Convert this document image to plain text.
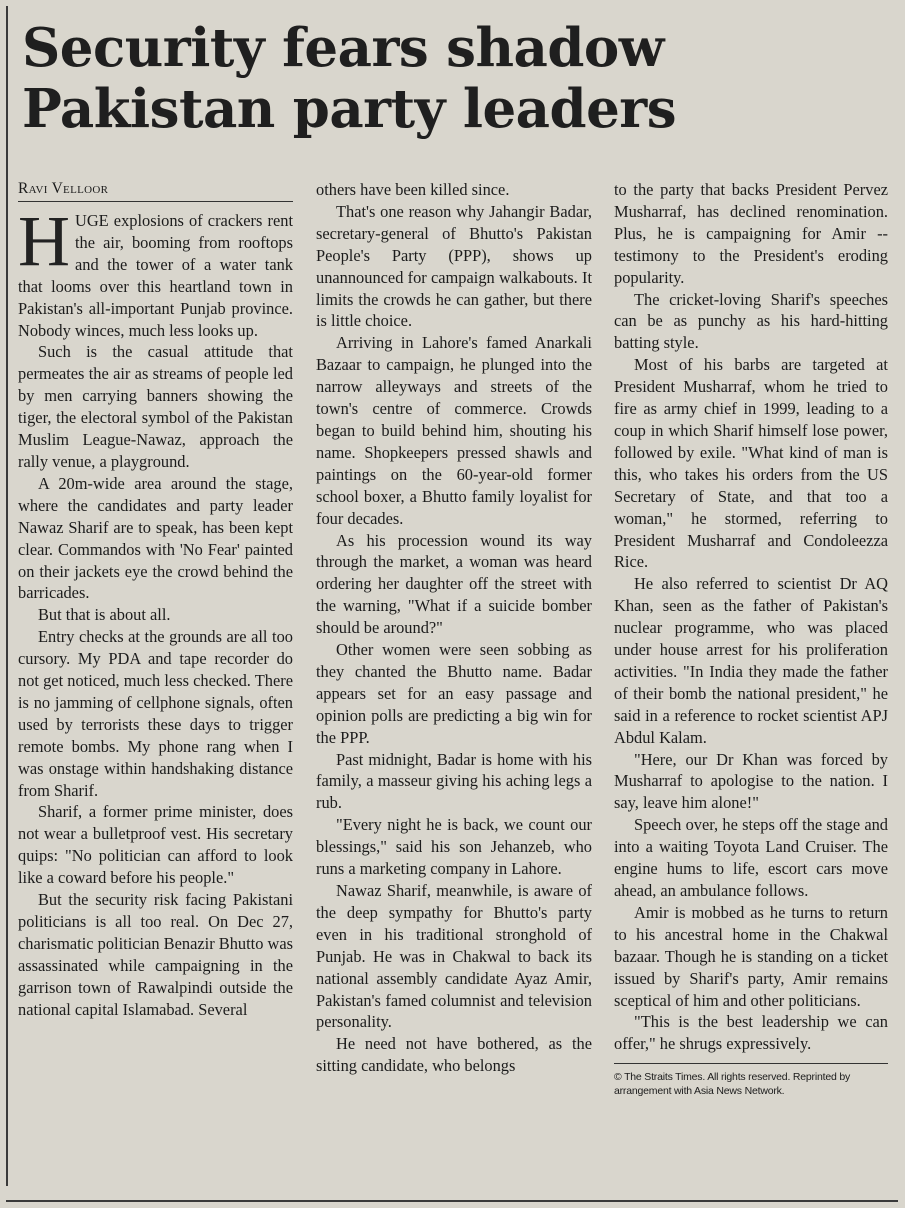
Security fears shadow Pakistan party leaders
Ravi Velloor

HUGE explosions of crackers rent the air, booming from rooftops and the tower of a water tank that looms over this heartland town in Pakistan's all-important Punjab province. Nobody winces, much less looks up.

Such is the casual attitude that permeates the air as streams of people led by men carrying banners showing the tiger, the electoral symbol of the Pakistan Muslim League-Nawaz, approach the rally venue, a playground.

A 20m-wide area around the stage, where the candidates and party leader Nawaz Sharif are to speak, has been kept clear. Commandos with 'No Fear' painted on their jackets eye the crowd behind the barricades.

But that is about all.

Entry checks at the grounds are all too cursory. My PDA and tape recorder do not get noticed, much less checked. There is no jamming of cellphone signals, often used by terrorists these days to trigger remote bombs. My phone rang when I was onstage within handshaking distance from Sharif.

Sharif, a former prime minister, does not wear a bulletproof vest. His secretary quips: "No politician can afford to look like a coward before his people."

But the security risk facing Pakistani politicians is all too real. On Dec 27, charismatic politician Benazir Bhutto was assassinated while campaigning in the garrison town of Rawalpindi outside the national capital Islamabad. Several

others have been killed since.

That's one reason why Jahangir Badar, secretary-general of Bhutto's Pakistan People's Party (PPP), shows up unannounced for campaign walkabouts. It limits the crowds he can gather, but there is little choice.

Arriving in Lahore's famed Anarkali Bazaar to campaign, he plunged into the narrow alleyways and streets of the town's centre of commerce. Crowds began to build behind him, shouting his name. Shopkeepers pressed shawls and paintings on the 60-year-old former school boxer, a Bhutto family loyalist for four decades.

As his procession wound its way through the market, a woman was heard ordering her daughter off the street with the warning, "What if a suicide bomber should be around?"

Other women were seen sobbing as they chanted the Bhutto name. Badar appears set for an easy passage and opinion polls are predicting a big win for the PPP.

Past midnight, Badar is home with his family, a masseur giving his aching legs a rub.

"Every night he is back, we count our blessings," said his son Jehanzeb, who runs a marketing company in Lahore.

Nawaz Sharif, meanwhile, is aware of the deep sympathy for Bhutto's party even in his traditional stronghold of Punjab. He was in Chakwal to back its national assembly candidate Ayaz Amir, Pakistan's famed columnist and television personality.

He need not have bothered, as the sitting candidate, who belongs

to the party that backs President Pervez Musharraf, has declined renomination. Plus, he is campaigning for Amir -- testimony to the President's eroding popularity.

The cricket-loving Sharif's speeches can be as punchy as his hard-hitting batting style.

Most of his barbs are targeted at President Musharraf, whom he tried to fire as army chief in 1999, leading to a coup in which Sharif himself lose power, followed by exile. "What kind of man is this, who takes his orders from the US Secretary of State, and that too a woman," he stormed, referring to President Musharraf and Condoleezza Rice.

He also referred to scientist Dr AQ Khan, seen as the father of Pakistan's nuclear programme, who was placed under house arrest for his proliferation activities. "In India they made the father of their bomb the national president," he said in a reference to rocket scientist APJ Abdul Kalam.

"Here, our Dr Khan was forced by Musharraf to apologise to the nation. I say, leave him alone!"

Speech over, he steps off the stage and into a waiting Toyota Land Cruiser. The engine hums to life, escort cars move ahead, an ambulance follows.

Amir is mobbed as he turns to return to his ancestral home in the Chakwal bazaar. Though he is standing on a ticket issued by Sharif's party, Amir remains sceptical of him and other politicians.

"This is the best leadership we can offer," he shrugs expressively.

© The Straits Times. All rights reserved. Reprinted by arrangement with Asia News Network.
